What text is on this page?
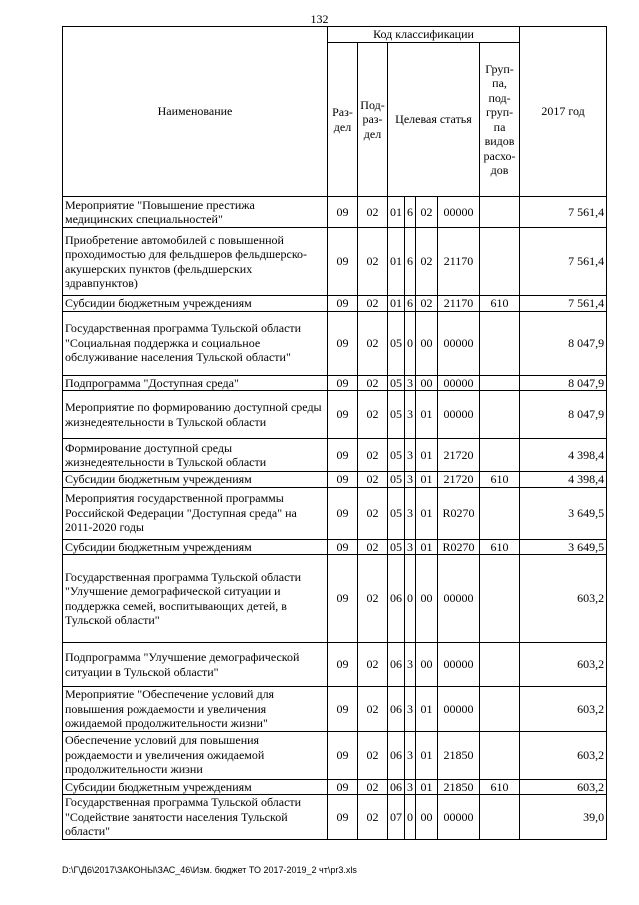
132
Наименование	Код классификации							2017 год
	Раз-дел	Под-раз-дел	Целевая статья				Груп-па, под-груп-па видов расхо-дов	
Мероприятие "Повышение престижа медицинских специальностей"	09	02	01	6	02	00000		7 561,4
Приобретение автомобилей с повышенной проходимостью для фельдшеров фельдшерско-акушерских пунктов (фельдшерских здравпунктов)	09	02	01	6	02	21170		7 561,4
Субсидии бюджетным учреждениям	09	02	01	6	02	21170	610	7 561,4
Государственная программа Тульской области "Социальная поддержка и социальное обслуживание населения Тульской области"	09	02	05	0	00	00000		8 047,9
Подпрограмма "Доступная среда"	09	02	05	3	00	00000		8 047,9
Мероприятие по формированию доступной среды жизнедеятельности в Тульской области	09	02	05	3	01	00000		8 047,9
Формирование доступной среды жизнедеятельности в Тульской области	09	02	05	3	01	21720		4 398,4
Субсидии бюджетным учреждениям	09	02	05	3	01	21720	610	4 398,4
Мероприятия государственной программы Российской Федерации "Доступная среда" на 2011-2020 годы	09	02	05	3	01	R0270		3 649,5
Субсидии бюджетным учреждениям	09	02	05	3	01	R0270	610	3 649,5
Государственная программа Тульской области "Улучшение демографической ситуации и поддержка семей, воспитывающих детей, в Тульской области"	09	02	06	0	00	00000		603,2
Подпрограмма "Улучшение демографической ситуации в Тульской области"	09	02	06	3	00	00000		603,2
Мероприятие "Обеспечение условий для повышения рождаемости и увеличения ожидаемой продолжительности жизни"	09	02	06	3	01	00000		603,2
Обеспечение условий для повышения рождаемости и увеличения ожидаемой продолжительности жизни	09	02	06	3	01	21850		603,2
Субсидии бюджетным учреждениям	09	02	06	3	01	21850	610	603,2
Государственная программа Тульской области "Содействие занятости населения Тульской области"	09	02	07	0	00	00000		39,0
D:\Г\Д6\2017\ЗАКОНЫ\ЗАС_46\Изм. бюджет ТО 2017-2019_2 чт\pr3.xls
